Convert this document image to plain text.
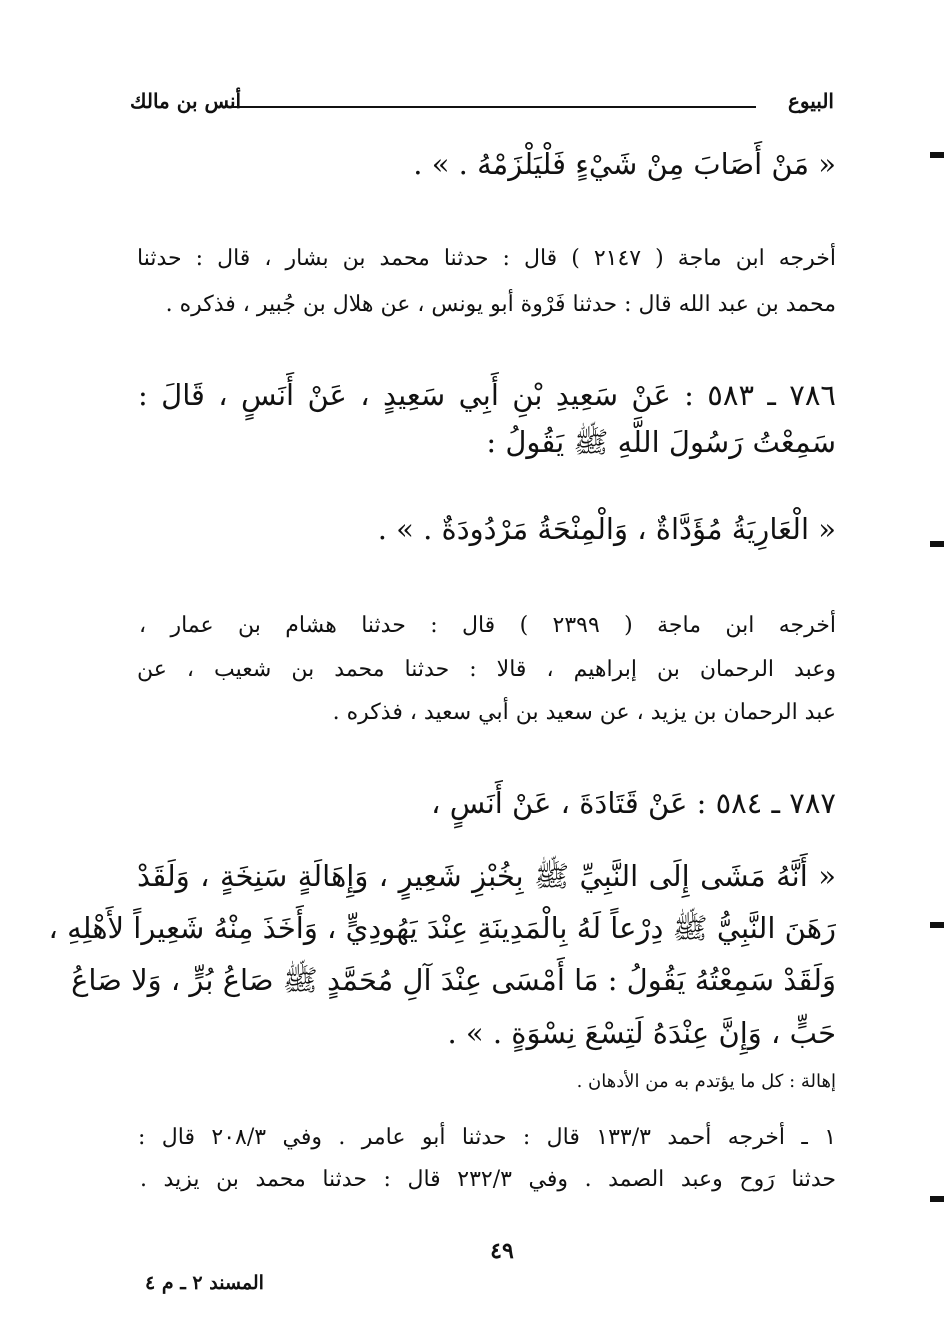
البيوع
أنس بن مالك
« مَنْ أَصَابَ مِنْ شَيْءٍ فَلْيَلْزَمْهُ . » .
أخرجه ابن ماجة ( ٢١٤٧ ) قال : حدثنا محمد بن بشار ، قال : حدثنا
محمد بن عبد الله قال : حدثنا فَرْوة أبو يونس ، عن هلال بن جُبير ، فذكره .
٧٨٦ ـ ٥٨٣ : عَنْ سَعِيدِ بْنِ أَبِي سَعِيدٍ ، عَنْ أَنَسٍ ، قَالَ :
سَمِعْتُ رَسُولَ اللَّهِ ﷺ يَقُولُ :
« الْعَارِيَةُ مُؤَدَّاةٌ ، وَالْمِنْحَةُ مَرْدُودَةٌ . » .
أخرجه ابن ماجة ( ٢٣٩٩ ) قال : حدثنا هشام بن عمار ،
وعبد الرحمان بن إبراهيم ، قالا : حدثنا محمد بن شعيب ، عن
عبد الرحمان بن يزيد ، عن سعيد بن أبي سعيد ، فذكره .
٧٨٧ ـ ٥٨٤ : عَنْ قَتَادَةَ ، عَنْ أَنَسٍ ،
« أَنَّهُ مَشَى إِلَى النَّبِيِّ ﷺ بِخُبْزِ شَعِيرٍ ، وَإِهَالَةٍ سَنِخَةٍ ، وَلَقَدْ
رَهَنَ النَّبِيُّ ﷺ دِرْعاً لَهُ بِالْمَدِينَةِ عِنْدَ يَهُودِيٍّ ، وَأَخَذَ مِنْهُ شَعِيراً لأَهْلِهِ ،
وَلَقَدْ سَمِعْتُهُ يَقُولُ : مَا أَمْسَى عِنْدَ آلِ مُحَمَّدٍ ﷺ صَاعُ بُرٍّ ، وَلا صَاعُ
حَبٍّ ، وَإِنَّ عِنْدَهُ لَتِسْعَ نِسْوَةٍ . » .
إهالة : كل ما يؤتدم به من الأدهان .
١ ـ أخرجه أحمد ١٣٣/٣ قال : حدثنا أبو عامر . وفي ٢٠٨/٣ قال :
حدثنا رَوح وعبد الصمد . وفي ٢٣٢/٣ قال : حدثنا محمد بن يزيد .
٤٩
المسند ٢ ـ م ٤
